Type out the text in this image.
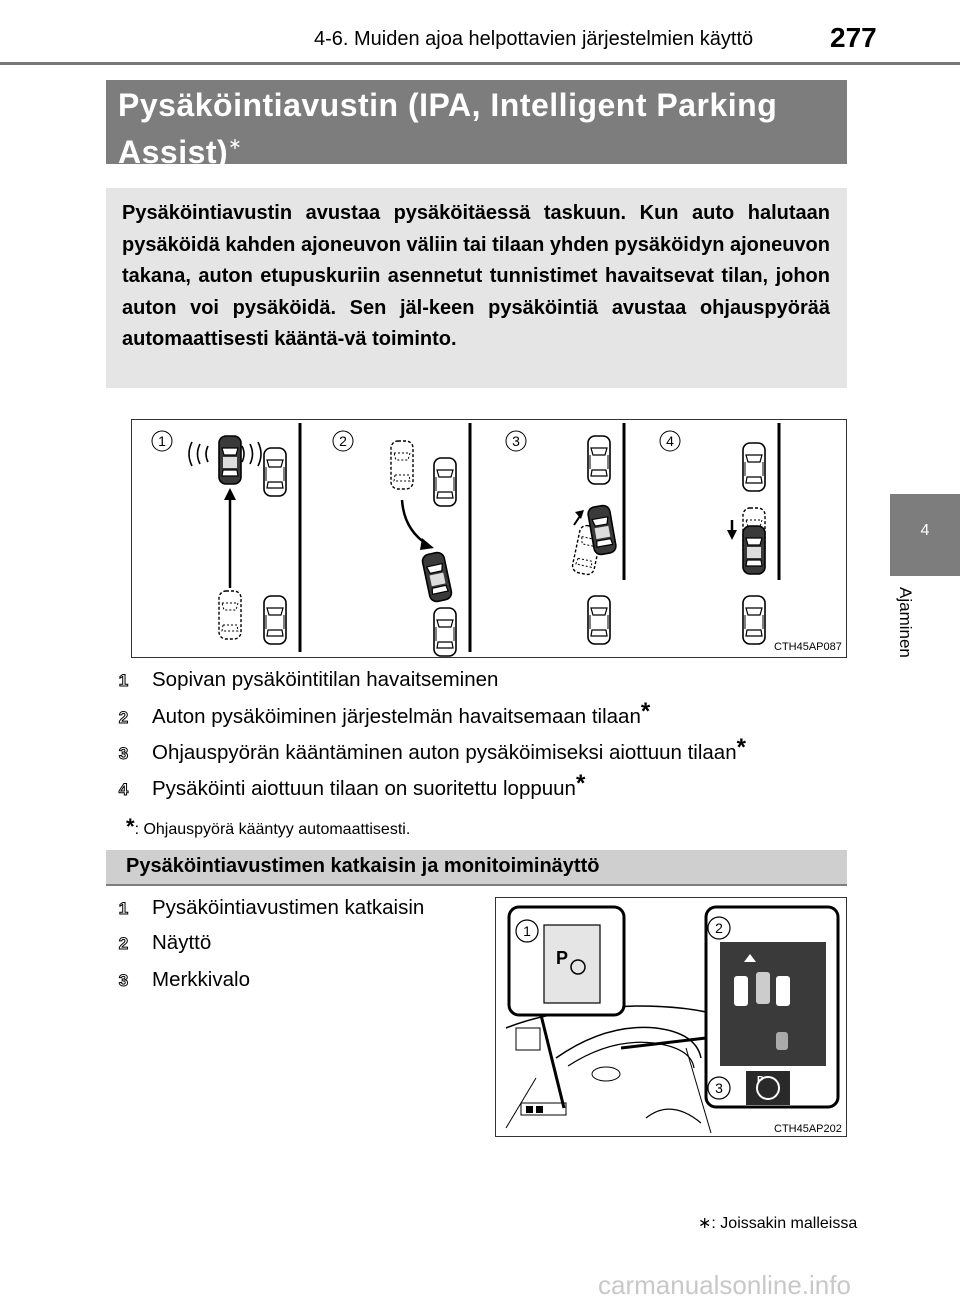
4-6. Muiden ajoa helpottavien järjestelmien käyttö	277
4
Ajaminen
Pysäköintiavustin (IPA, Intelligent Parking Assist)∗
Pysäköintiavustin avustaa pysäköitäessä taskuun. Kun auto halutaan pysäköidä kahden ajoneuvon väliin tai tilaan yhden pysäköidyn ajoneuvon takana, auton etupuskuriin asennetut tunnistimet havaitsevat tilan, johon auton voi pysäköidä. Sen jäl-keen pysäköintiä avustaa ohjauspyörää automaattisesti kääntä-vä toiminto.
1	2	3	4
CTH45AP087
1 Sopivan pysäköintitilan havaitseminen
2 Auton pysäköiminen järjestelmän havaitsemaan tilaan*
3 Ohjauspyörän kääntäminen auton pysäköimiseksi aiottuun tilaan*
4 Pysäköinti aiottuun tilaan on suoritettu loppuun*
*: Ohjauspyörä kääntyy automaattisesti.
Pysäköintiavustimen katkaisin ja monitoiminäyttö
1 Pysäköintiavustimen katkaisin
2 Näyttö
3 Merkkivalo
1
P
2
3	P
CTH45AP202
∗: Joissakin malleissa
carmanualsonline.info
